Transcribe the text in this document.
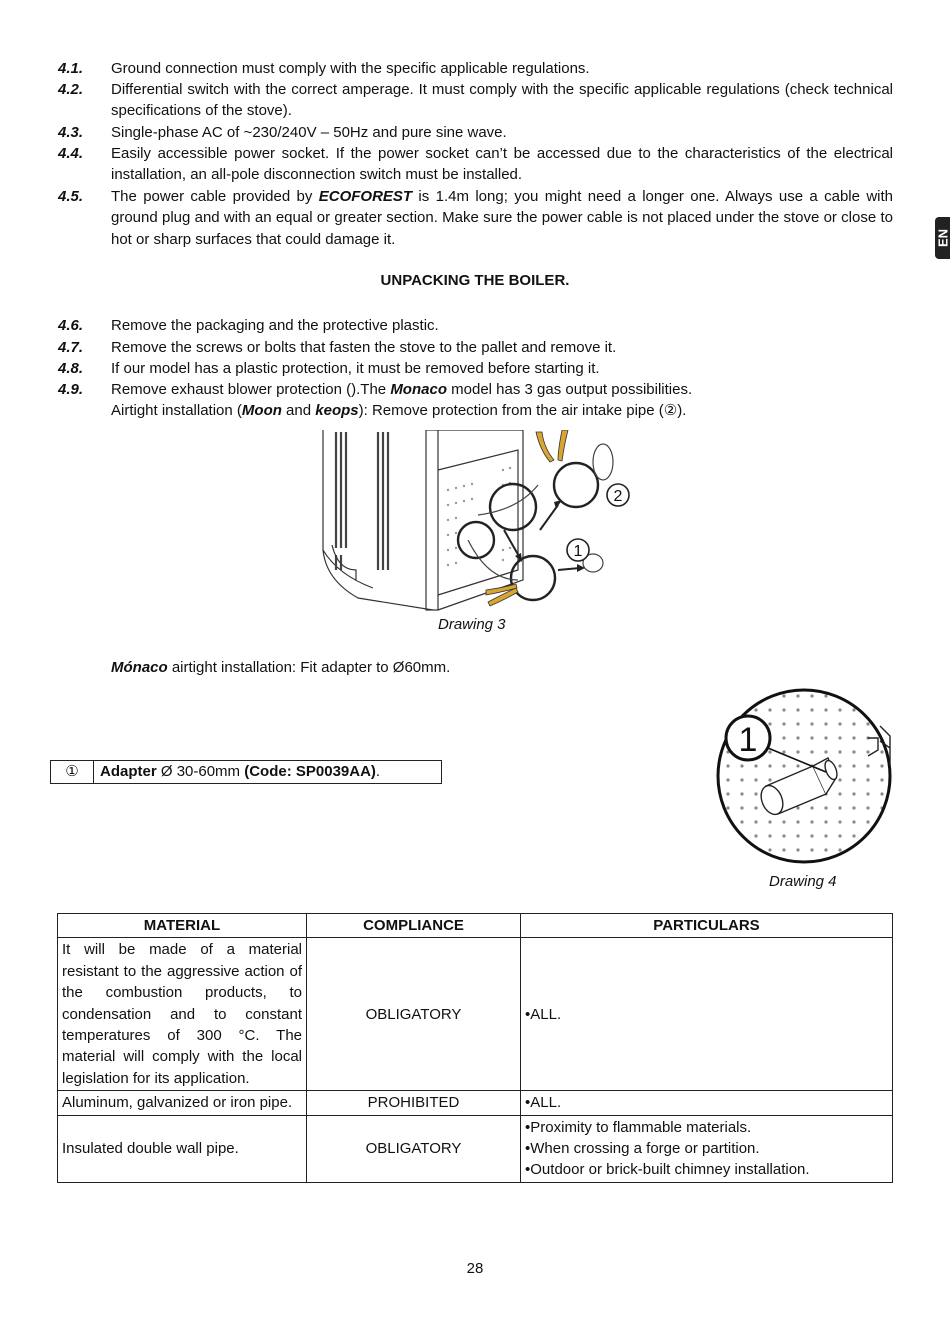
EN
4.1. Ground connection must comply with the specific applicable regulations.
4.2. Differential switch with the correct amperage. It must comply with the specific applicable regulations (check technical specifications of the stove).
4.3. Single-phase AC of ~230/240V – 50Hz and pure sine wave.
4.4. Easily accessible power socket. If the power socket can’t be accessed due to the characteristics of the electrical installation, an all-pole disconnection switch must be installed.
4.5. The power cable provided by ECOFOREST is 1.4m long; you might need a longer one. Always use a cable with ground plug and with an equal or greater section. Make sure the power cable is not placed under the stove or close to hot or sharp surfaces that could damage it.
UNPACKING THE BOILER.
4.6. Remove the packaging and the protective plastic.
4.7. Remove the screws or bolts that fasten the stove to the pallet and remove it.
4.8. If our model has a plastic protection, it must be removed before starting it.
4.9. Remove exhaust blower protection ().The Monaco model has 3 gas output possibilities.
Airtight installation (Moon and keops): Remove protection from the air intake pipe (②).
2
1
Drawing 3
Mónaco airtight installation: Fit adapter to Ø60mm.
①	Adapter Ø 30-60mm (Code: SP0039AA).
1
Drawing 4
MATERIAL	COMPLIANCE	PARTICULARS
It will be made of a material resistant to the aggressive action of the combustion products, to condensation and to constant temperatures of 300 °C. The material will comply with the local legislation for its application.	OBLIGATORY	•ALL.

Aluminum, galvanized or iron pipe.	PROHIBITED	•ALL.

Insulated double wall pipe.	OBLIGATORY	•Proximity to flammable materials.
•When crossing a forge or partition.
•Outdoor or brick-built chimney installation.
28
